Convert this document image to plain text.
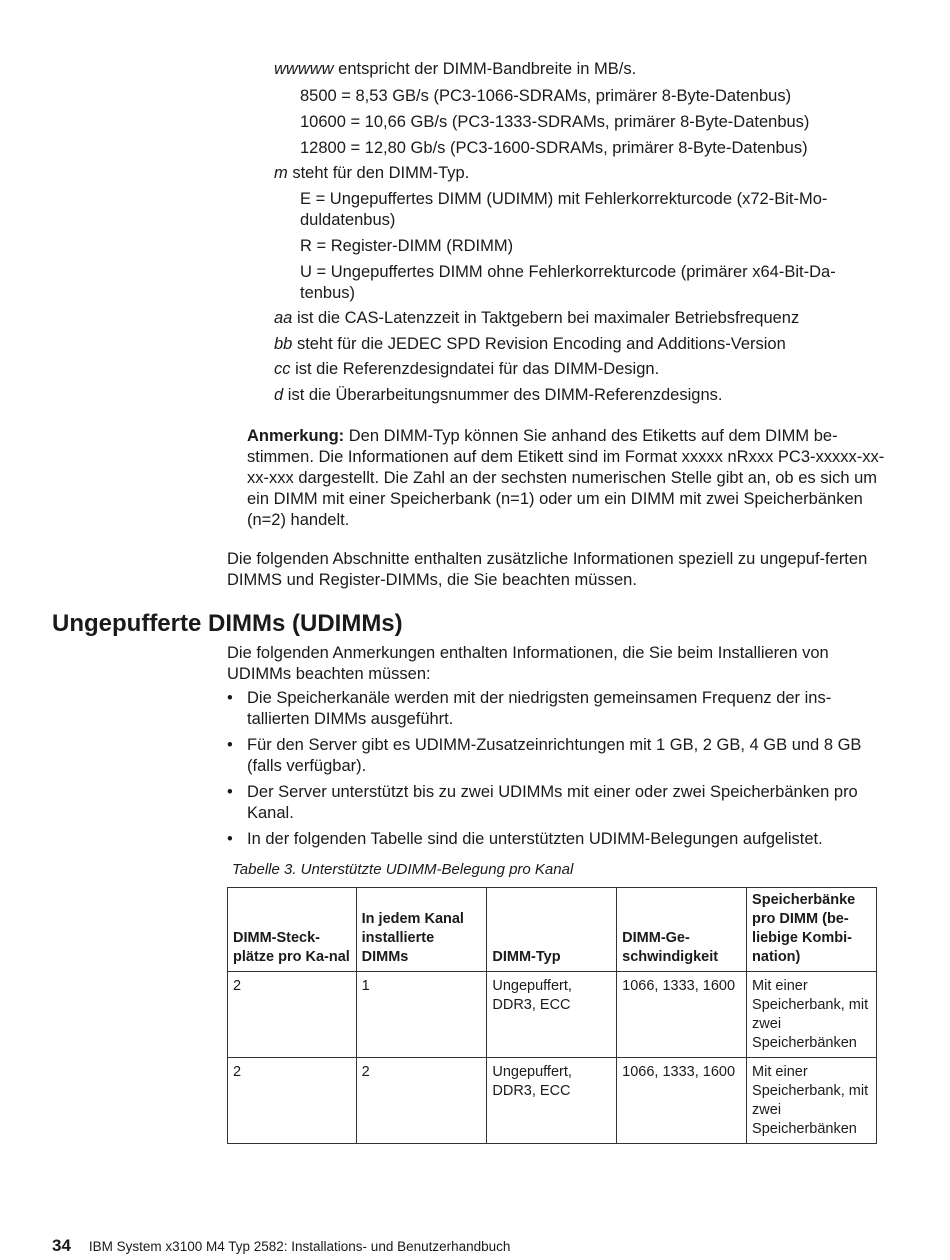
wwwww entspricht der DIMM-Bandbreite in MB/s.
8500 = 8,53 GB/s (PC3-1066-SDRAMs, primärer 8-Byte-Datenbus)
10600 = 10,66 GB/s (PC3-1333-SDRAMs, primärer 8-Byte-Datenbus)
12800 = 12,80 Gb/s (PC3-1600-SDRAMs, primärer 8-Byte-Datenbus)
m steht für den DIMM-Typ.
E = Ungepuffertes DIMM (UDIMM) mit Fehlerkorrekturcode (x72-Bit-Mo-duldatenbus)
R = Register-DIMM (RDIMM)
U = Ungepuffertes DIMM ohne Fehlerkorrekturcode (primärer x64-Bit-Da-tenbus)
aa ist die CAS-Latenzzeit in Taktgebern bei maximaler Betriebsfrequenz
bb steht für die JEDEC SPD Revision Encoding and Additions-Version
cc ist die Referenzdesigndatei für das DIMM-Design.
d ist die Überarbeitungsnummer des DIMM-Referenzdesigns.
Anmerkung: Den DIMM-Typ können Sie anhand des Etiketts auf dem DIMM be-stimmen. Die Informationen auf dem Etikett sind im Format xxxxx nRxxx PC3-xxxxx-xx-xx-xxx dargestellt. Die Zahl an der sechsten numerischen Stelle gibt an, ob es sich um ein DIMM mit einer Speicherbank (n=1) oder um ein DIMM mit zwei Speicherbänken (n=2) handelt.
Die folgenden Abschnitte enthalten zusätzliche Informationen speziell zu ungepuf-ferten DIMMS und Register-DIMMs, die Sie beachten müssen.
Ungepufferte DIMMs (UDIMMs)
Die folgenden Anmerkungen enthalten Informationen, die Sie beim Installieren von UDIMMs beachten müssen:
• Die Speicherkanäle werden mit der niedrigsten gemeinsamen Frequenz der ins-tallierten DIMMs ausgeführt.
• Für den Server gibt es UDIMM-Zusatzeinrichtungen mit 1 GB, 2 GB, 4 GB und 8 GB (falls verfügbar).
• Der Server unterstützt bis zu zwei UDIMMs mit einer oder zwei Speicherbänken pro Kanal.
• In der folgenden Tabelle sind die unterstützten UDIMM-Belegungen aufgelistet.
Tabelle 3. Unterstützte UDIMM-Belegung pro Kanal
DIMM-Steck-plätze pro Ka-nal	In jedem Kanal installierte DIMMs	DIMM-Typ	DIMM-Ge-schwindigkeit	Speicherbänke pro DIMM (be-liebige Kombi-nation)
2	1	Ungepuffert, DDR3, ECC	1066, 1333, 1600	Mit einer Speicherbank, mit zwei Speicherbänken
2	2	Ungepuffert, DDR3, ECC	1066, 1333, 1600	Mit einer Speicherbank, mit zwei Speicherbänken
34 IBM System x3100 M4 Typ 2582: Installations- und Benutzerhandbuch
